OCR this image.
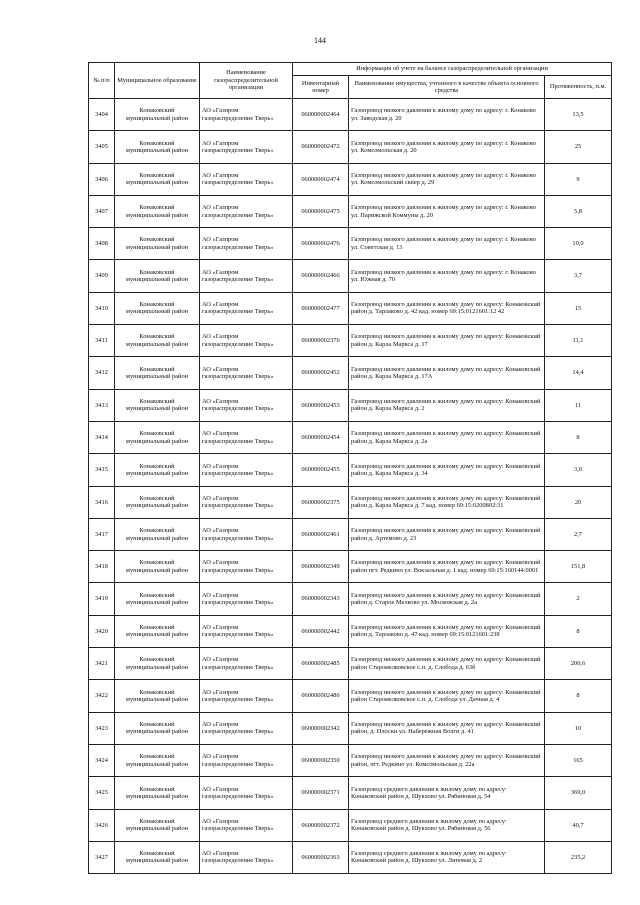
144
№ п/п	Муниципальное образование	Наименование газораспределительной организации	Информация об учете на балансе газораспределительной организации		
			Инвентарный номер	Наименование имущества, учтенного в качестве объекта основного средства	Протяженность, п.м.
3404	Конаковский муниципальный район	АО «Газпром газораспределение Тверь»	060000002464	Газопровод низкого давления к жилому дому по адресу: г. Конаково ул. Заводская д. 20	13,5
3405	Конаковский муниципальный район	АО «Газпром газораспределение Тверь»	060000002472	Газопровод низкого давления к жилому дому по адресу: г. Конаково ул. Комсомольская д. 20	25
3406	Конаковский муниципальный район	АО «Газпром газораспределение Тверь»	060000002474	Газопровод низкого давления к жилому дому по адресу: г. Конаково ул. Комсомольский сквер д. 29	9
3407	Конаковский муниципальный район	АО «Газпром газораспределение Тверь»	060000002475	Газопровод низкого давления к жилому дому по адресу: г. Конаково ул. Парижской Коммуны д. 20	5,8
3408	Конаковский муниципальный район	АО «Газпром газораспределение Тверь»	060000002476	Газопровод низкого давления к жилому дому по адресу: г. Конаково ул. Советская д. 13	10,0
3409	Конаковский муниципальный район	АО «Газпром газораспределение Тверь»	060000002466	Газопровод низкого давления к жилому дому по адресу: г. Конаково ул. Южная д. 70	3,7
3410	Конаковский муниципальный район	АО «Газпром газораспределение Тверь»	060000002477	Газопровод низкого давления к жилому дому по адресу: Конаковский район д. Тарлаково д. 42 кад. номер 69:15:0121601:12 42	15
3411	Конаковский муниципальный район	АО «Газпром газораспределение Тверь»	060000002376	Газопровод низкого давления к жилому дому по адресу: Конаковский район д. Карла Маркса д. 17	11,1
3412	Конаковский муниципальный район	АО «Газпром газораспределение Тверь»	060000002452	Газопровод низкого давления к жилому дому по адресу: Конаковский район д. Карла Маркса д. 17А	14,4
3413	Конаковский муниципальный район	АО «Газпром газораспределение Тверь»	060000002453	Газопровод низкого давления к жилому дому по адресу: Конаковский район д. Карла Маркса д. 2	11
3414	Конаковский муниципальный район	АО «Газпром газораспределение Тверь»	060000002454	Газопровод низкого давления к жилому дому по адресу: Конаковский район д. Карла Маркса д. 2а	8
3415	Конаковский муниципальный район	АО «Газпром газораспределение Тверь»	060000002455	Газопровод низкого давления к жилому дому по адресу: Конаковский район д. Карла Маркса д. 34	3,0
3416	Конаковский муниципальный район	АО «Газпром газораспределение Тверь»	060000002375	Газопровод низкого давления к жилому дому по адресу: Конаковский район д. Карла Маркса д. 7 кад. номер 69:15:0200802:31	20
3417	Конаковский муниципальный район	АО «Газпром газораспределение Тверь»	060000002461	Газопровод низкого давления к жилому дому по адресу: Конаковский район д. Артемово д. 23	2,7
3418	Конаковский муниципальный район	АО «Газпром газораспределение Тверь»	060000002349	Газопровод низкого давления к жилому дому по адресу: Конаковский район пгт. Редкино ул. Вокзальная д. 1 кад. номер 69:15:160144:0001	151,8
3419	Конаковский муниципальный район	АО «Газпром газораспределение Тверь»	060000002343	Газопровод низкого давления к жилому дому по адресу: Конаковский район д. Старое Мелково ул. Московская д. 2а	2
3420	Конаковский муниципальный район	АО «Газпром газораспределение Тверь»	060000002442	Газопровод низкого давления к жилому дому по адресу: Конаковский район д. Тарлаково д. 47 кад. номер 69:15:0121601:238	8
3421	Конаковский муниципальный район	АО «Газпром газораспределение Тверь»	060000002485	Газопровод низкого давления к жилому дому по адресу: Конаковский район Старомелковское с.п. д. Слобода д. 63б	200,6
3422	Конаковский муниципальный район	АО «Газпром газораспределение Тверь»	060000002486	Газопровод низкого давления к жилому дому по адресу: Конаковский район Старомелковское с.п. д. Слобода ул. Дачная д. 4	8
3423	Конаковский муниципальный район	АО «Газпром газораспределение Тверь»	060000002342	Газопровод низкого давления к жилому дому по адресу: Конаковский район, д. Плоски ул. Набережная Волги д. 41	10
3424	Конаковский муниципальный район	АО «Газпром газораспределение Тверь»	060000002350	Газопровод низкого давления к жилому дому по адресу: Конаковский район, пгт. Редкино ул. Комсомольская д. 22а	165
3425	Конаковский муниципальный район	АО «Газпром газораспределение Тверь»	060000002371	Газопровод среднего давления к жилому дому по адресу: Конаковский район д. Шукхово ул. Рябиновая д. 54	369,0
3426	Конаковский муниципальный район	АО «Газпром газораспределение Тверь»	060000002372	Газопровод среднего давления к жилому дому по адресу: Конаковский район д. Шукхово ул. Рябиновая д. 56	40,7
3427	Конаковский муниципальный район	АО «Газпром газораспределение Тверь»	060000002363	Газопровод среднего давления к жилому дому по адресу: Конаковский район д. Шукхово ул. Липовая д. 2	235,2
